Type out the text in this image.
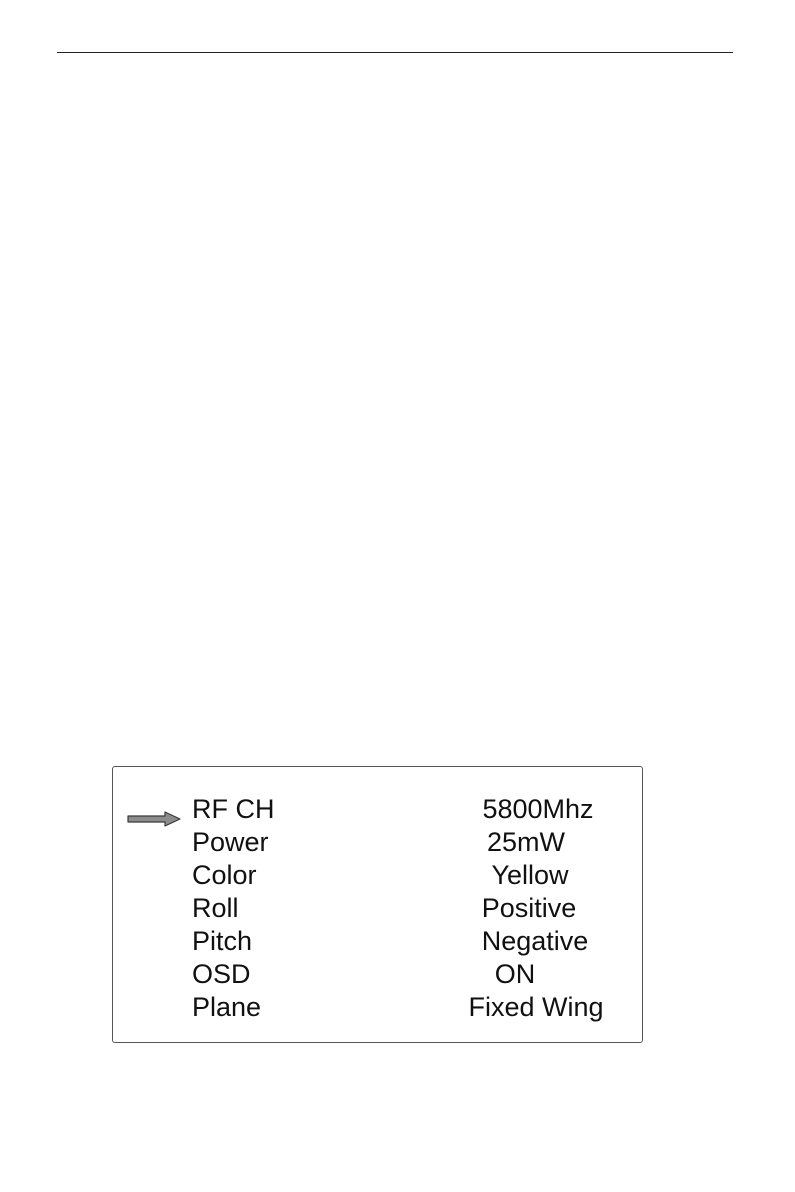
RF CH	5800Mhz
Power	25mW
Color	Yellow
Roll	Positive
Pitch	Negative
OSD	ON
Plane	Fixed Wing
